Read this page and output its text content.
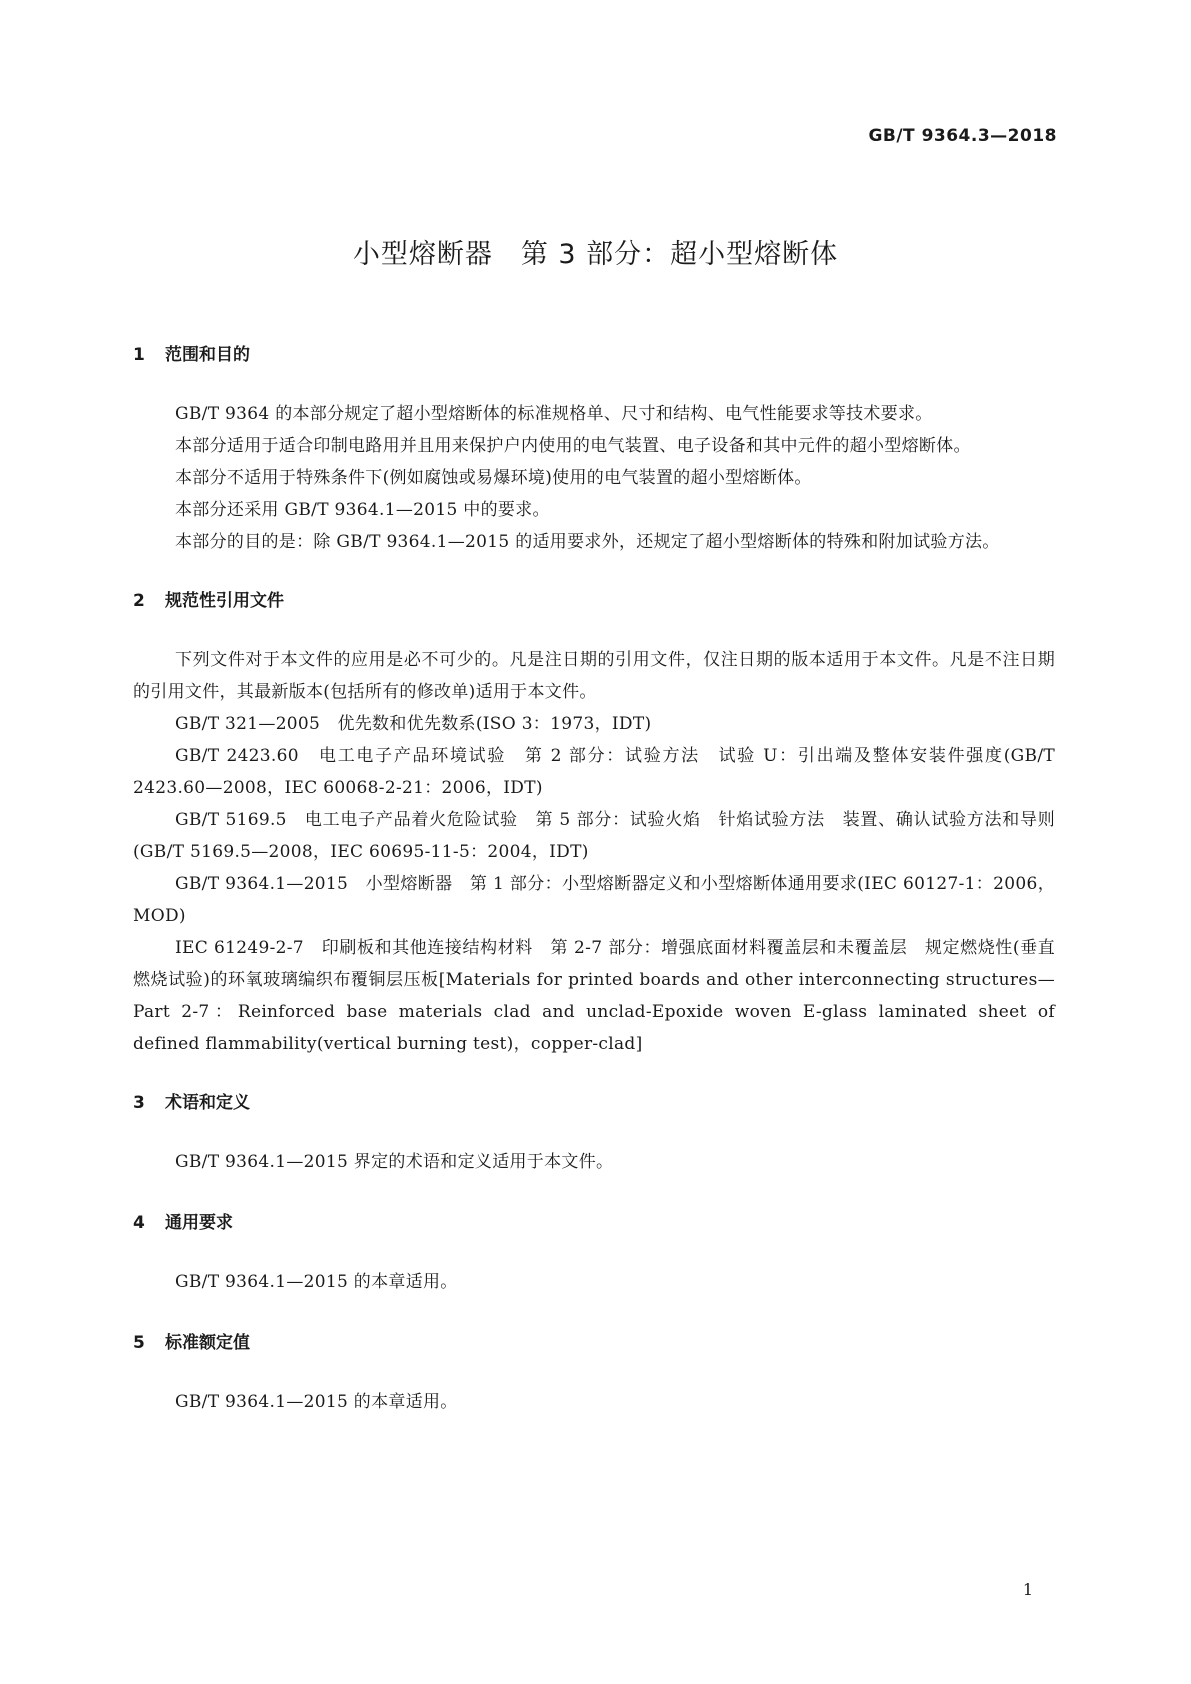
GB/T 9364.3—2018
小型熔断器　第 3 部分：超小型熔断体
1 范围和目的

GB/T 9364 的本部分规定了超小型熔断体的标准规格单、尺寸和结构、电气性能要求等技术要求。

本部分适用于适合印制电路用并且用来保护户内使用的电气装置、电子设备和其中元件的超小型熔断体。

本部分不适用于特殊条件下(例如腐蚀或易爆环境)使用的电气装置的超小型熔断体。

本部分还采用 GB/T 9364.1—2015 中的要求。

本部分的目的是：除 GB/T 9364.1—2015 的适用要求外，还规定了超小型熔断体的特殊和附加试验方法。

2 规范性引用文件

下列文件对于本文件的应用是必不可少的。凡是注日期的引用文件，仅注日期的版本适用于本文件。凡是不注日期的引用文件，其最新版本(包括所有的修改单)适用于本文件。

GB/T 321—2005　优先数和优先数系(ISO 3：1973，IDT)

GB/T 2423.60　电工电子产品环境试验　第 2 部分：试验方法　试验 U：引出端及整体安装件强度(GB/T 2423.60—2008，IEC 60068-2-21：2006，IDT)

GB/T 5169.5　电工电子产品着火危险试验　第 5 部分：试验火焰　针焰试验方法　装置、确认试验方法和导则(GB/T 5169.5—2008，IEC 60695-11-5：2004，IDT)

GB/T 9364.1—2015　小型熔断器　第 1 部分：小型熔断器定义和小型熔断体通用要求(IEC 60127-1：2006，MOD)

IEC 61249-2-7　印刷板和其他连接结构材料　第 2-7 部分：增强底面材料覆盖层和未覆盖层　规定燃烧性(垂直燃烧试验)的环氧玻璃编织布覆铜层压板[Materials for printed boards and other interconnecting structures—Part 2-7：Reinforced base materials clad and unclad-Epoxide woven E-glass laminated sheet of defined flammability(vertical burning test)，copper-clad]

3 术语和定义

GB/T 9364.1—2015 界定的术语和定义适用于本文件。

4 通用要求

GB/T 9364.1—2015 的本章适用。

5 标准额定值

GB/T 9364.1—2015 的本章适用。

1
